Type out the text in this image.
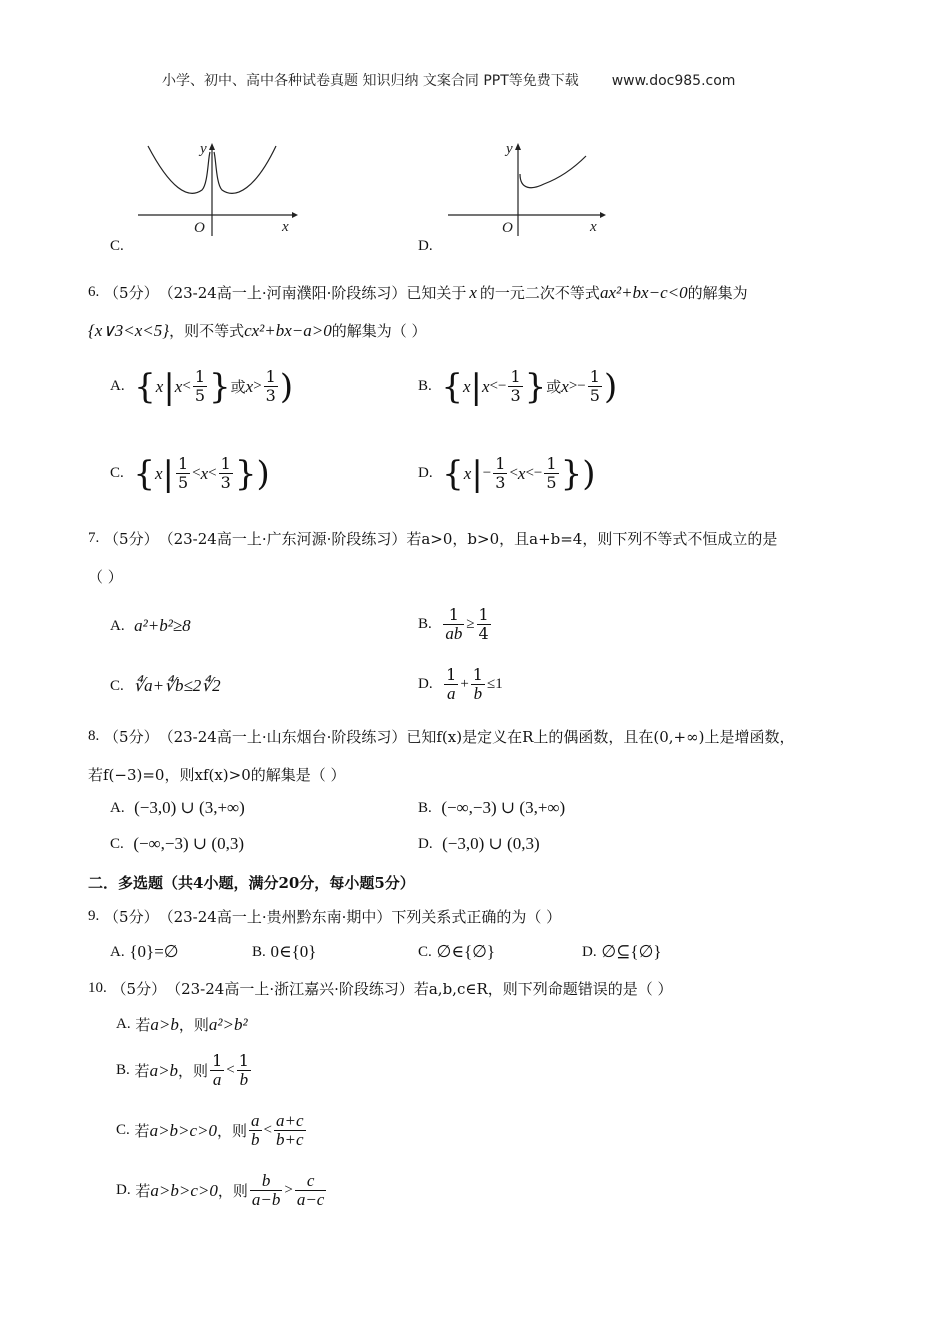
小学、初中、高中各种试卷真题 知识归纳 文案合同 PPT等免费下载 www.doc985.com
C.
y
x
O
D.
y
x
O
6.
（5分） （23-24高一上·河南濮阳·阶段练习） 已知关于 x 的一元二次不等式 ax²+bx−c<0 的解集为
{x∨3<x<5} ，则不等式 cx²+bx−a>0 的解集为（ ）
A.
{ x | $x < \frac{1}{5}$ } 或 $x > \frac{1}{3}$ )	B.
{ x | $x <- \frac{1}{3}$ } 或 $x >- \frac{1}{5}$ )
C.
{ x | $\frac{1}{5} < x < \frac{1}{3}$ })	D.
{ x | − $\frac{1}{3} < x <- \frac{1}{5}$ })
7.
（5分） （23-24高一上·广东河源·阶段练习） 若a>0，b>0，且a+b=4，则下列不等式不恒成立的是
（ ）
A.
a²+b²≥8	B.
$\frac{1}{ab} \ge \frac{1}{4}$
C.
∜a+∜b≤2∜2	D.
$\frac{1}{a} + \frac{1}{b} \le 1$
8.
（5分） （23-24高一上·山东烟台·阶段练习） 已知f(x)是定义在R上的偶函数，且在(0,+∞)上是增函数，
若f(−3)=0，则xf(x)>0的解集是（ ）
A.
(−3,0) ∪ (3,+∞)	B.
(−∞,−3) ∪ (3,+∞)
C.
(−∞,−3) ∪ (0,3)	D.
(−3,0) ∪ (0,3)
二．多选题（共4小题，满分20分，每小题5分）
9.
（5分） （23-24高一上·贵州黔东南·期中） 下列关系式正确的为（ ）
A.
{0}=∅	B.
0∈{0}	C.
∅∈{∅}	D.
∅⊆{∅}
10.
（5分） （23-24高一上·浙江嘉兴·阶段练习） 若a,b,c∈R，则下列命题错误的是（ ）
A.
若 a>b ，则 a²>b²
B.
若 a>b ，则 $\frac{1}{a} < \frac{1}{b}$
C.
若 a>b>c>0 ，则 $\frac{a}{b} < \frac{a+c}{b+c}$
D.
若 a>b>c>0 ，则 $\frac{b}{a-b} > \frac{c}{a-c}$
